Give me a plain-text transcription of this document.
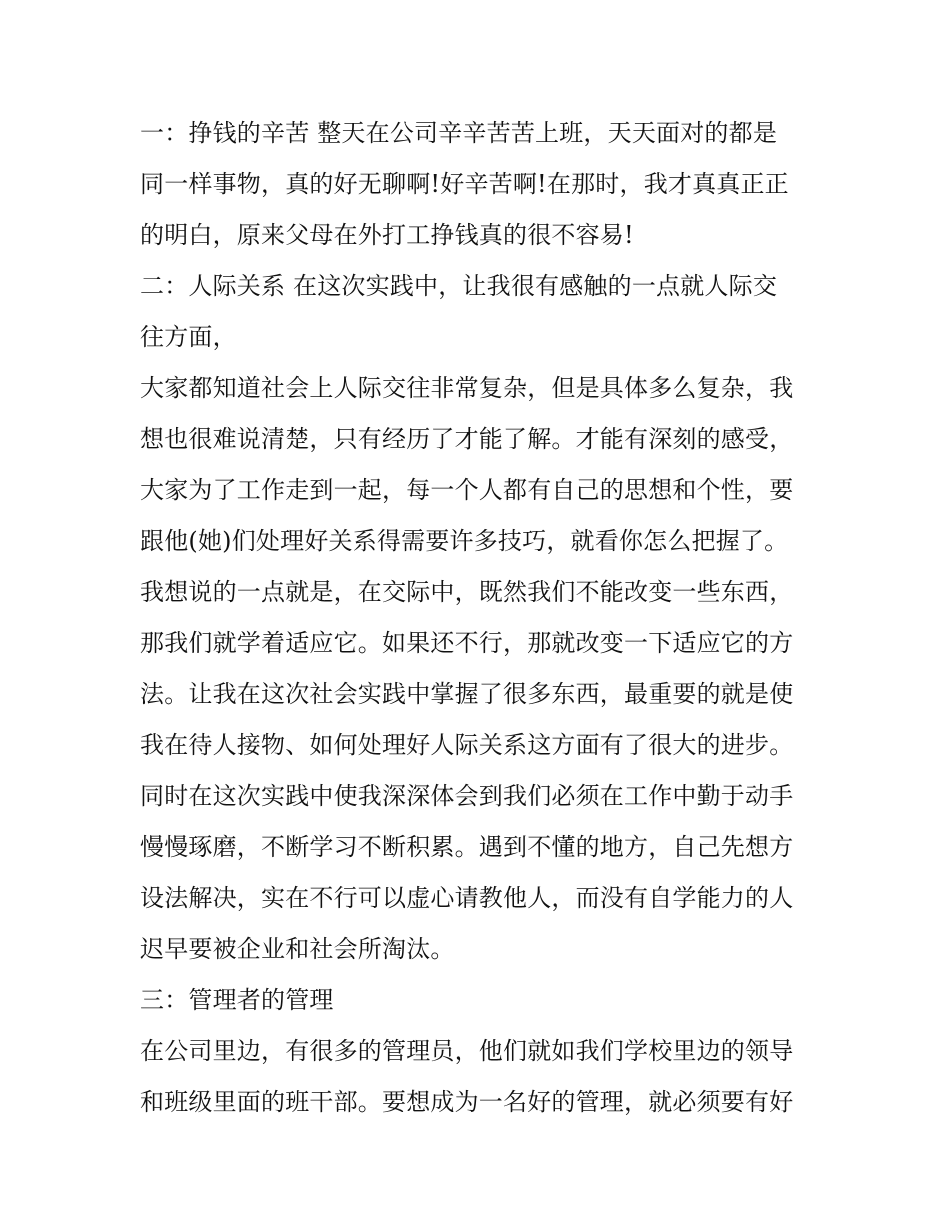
一：挣钱的辛苦 整天在公司辛辛苦苦上班，天天面对的都是
同一样事物，真的好无聊啊!好辛苦啊!在那时，我才真真正正
的明白，原来父母在外打工挣钱真的很不容易!
二：人际关系 在这次实践中，让我很有感触的一点就人际交
往方面，
大家都知道社会上人际交往非常复杂，但是具体多么复杂，我
想也很难说清楚，只有经历了才能了解。才能有深刻的感受，
大家为了工作走到一起，每一个人都有自己的思想和个性，要
跟他(她)们处理好关系得需要许多技巧，就看你怎么把握了。
我想说的一点就是，在交际中，既然我们不能改变一些东西，
那我们就学着适应它。如果还不行，那就改变一下适应它的方
法。让我在这次社会实践中掌握了很多东西，最重要的就是使
我在待人接物、如何处理好人际关系这方面有了很大的进步。
同时在这次实践中使我深深体会到我们必须在工作中勤于动手
慢慢琢磨，不断学习不断积累。遇到不懂的地方，自己先想方
设法解决，实在不行可以虚心请教他人，而没有自学能力的人
迟早要被企业和社会所淘汰。
三：管理者的管理
在公司里边，有很多的管理员，他们就如我们学校里边的领导
和班级里面的班干部。要想成为一名好的管理，就必须要有好
